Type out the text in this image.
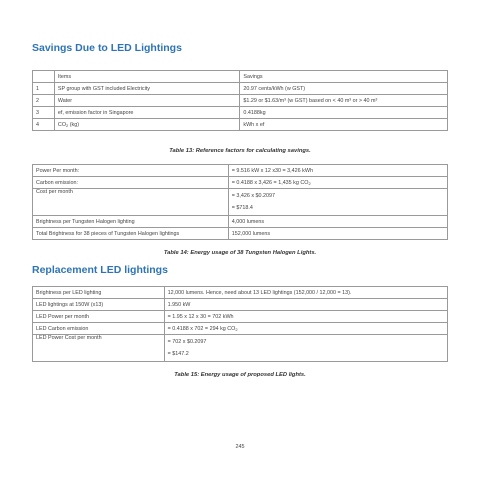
Savings Due to LED Lightings
	Items	Savings
1	SP group with GST included Electricity	20.97 cents/kWh (w GST)
2	Water	$1.29 or $1.63/m³ (w GST) based on < 40 m³ or > 40 m³
3	ef, emission factor in Singapore	0.4188kg
4	$CO_2$ (kg)	kWh x ef
Table 13: Reference factors for calculating savings.
Power Per month:	= 9.516 kW x 12 x30 = 3,426 kWh
Carbon emission:	= 0.4188 x 3,426 = 1,435 kg $CO_2$
Cost per month	= 3,426 x $0.2097
= $718.4

Brightness per Tungsten Halogen lighting	4,000 lumens
Total Brightness for 38 pieces of Tungsten Halogen lightings	152,000 lumens
Table 14: Energy usage of 38 Tungsten Halogen Lights.
Replacement LED lightings
Brightness per LED lighting	12,000 lumens. Hence, need about 13 LED lightings (152,000 / 12,000 = 13).
LED lightings at 150W (x13)	1.950 kW
LED Power per month	= 1.95 x 12 x 30 = 702 kWh
LED Carbon emission	= 0.4188 x 702 = 294 kg $CO_2$
LED Power Cost per month	= 702 x $0.2097
= $147.2
Table 15: Energy usage of proposed LED lights.
245
